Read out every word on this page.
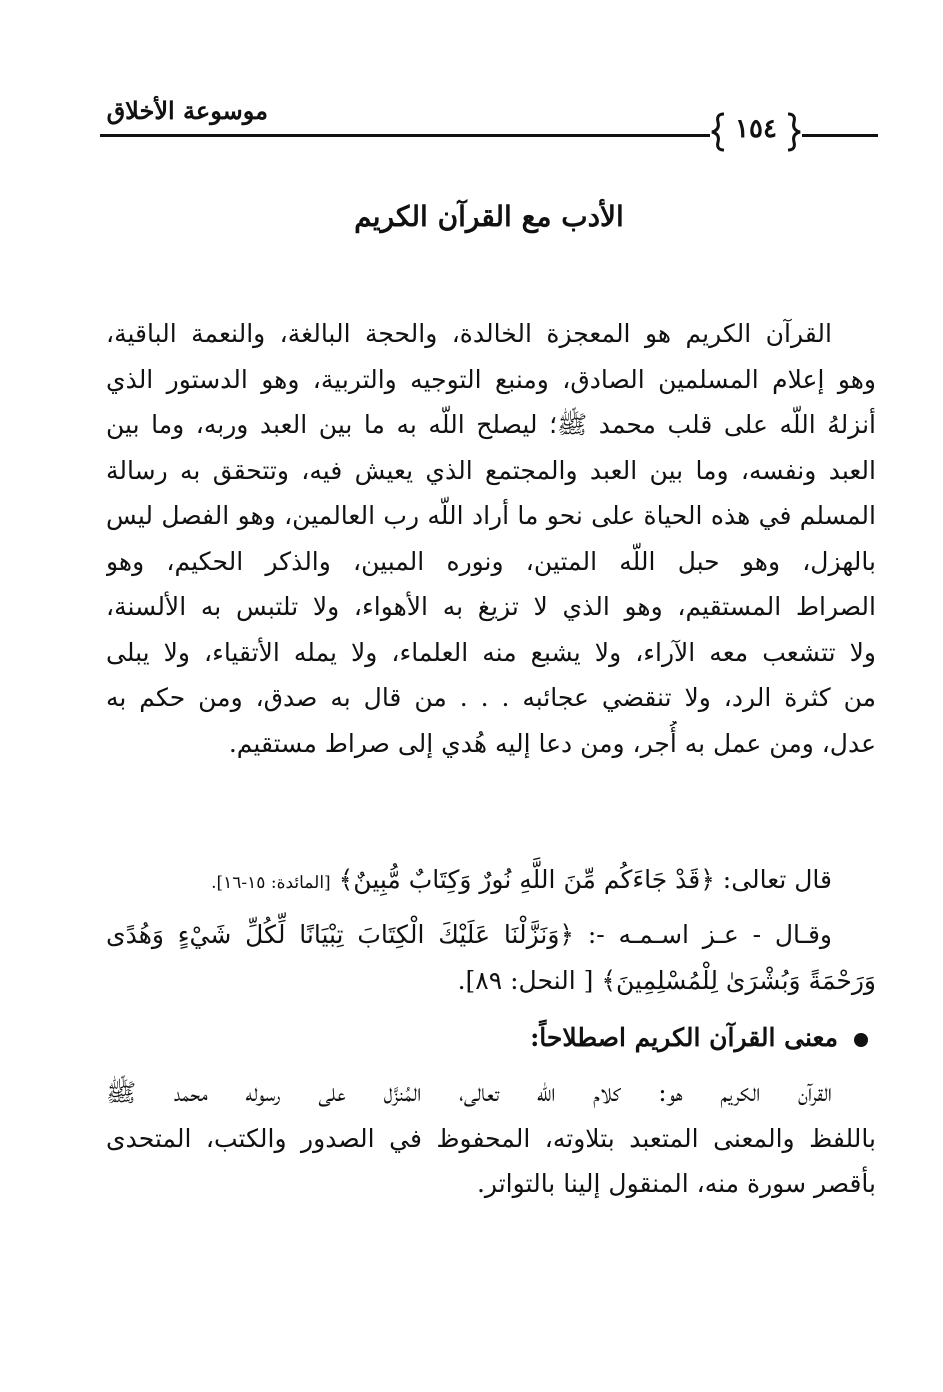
موسوعة الأخلاق
١٥٤
الأدب مع القرآن الكريم
القرآن الكريم هو المعجزة الخالدة، والحجة البالغة، والنعمة الباقية،
وهو إعلام المسلمين الصادق، ومنبع التوجيه والتربية، وهو الدستور الذي
أنزلهُ اللّه على قلب محمد ﷺ؛ ليصلح اللّه به ما بين العبد وربه، وما بين
العبد ونفسه، وما بين العبد والمجتمع الذي يعيش فيه، وتتحقق به رسالة
المسلم في هذه الحياة على نحو ما أراد اللّه رب العالمين، وهو الفصل ليس
بالهزل، وهو حبل اللّه المتين، ونوره المبين، والذكر الحكيم، وهو
الصراط المستقيم، وهو الذي لا تزيغ به الأهواء، ولا تلتبس به الألسنة،
ولا تتشعب معه الآراء، ولا يشبع منه العلماء، ولا يمله الأتقياء، ولا يبلى
من كثرة الرد، ولا تنقضي عجائبه . . . من قال به صدق، ومن حكم به
عدل، ومن عمل به أُجر، ومن دعا إليه هُدي إلى صراط مستقيم.
قال تعالى: ﴿قَدْ جَاءَكُم مِّنَ اللَّهِ نُورٌ وَكِتَابٌ مُّبِينٌ﴾ [المائدة: ١٥-١٦].
وقـال - عـز اسـمـه -: ﴿وَنَزَّلْنَا عَلَيْكَ الْكِتَابَ تِبْيَانًا لِّكُلِّ شَيْءٍ وَهُدًى
وَرَحْمَةً وَبُشْرَىٰ لِلْمُسْلِمِينَ﴾ [ النحل: ٨٩].
معنى القرآن الكريم اصطلاحاً:
القرآن الكريم هو: كلام اللّه تعالى، المُنزَّل على رسوله محمد ﷺ
باللفظ والمعنى المتعبد بتلاوته، المحفوظ في الصدور والكتب، المتحدى
بأقصر سورة منه، المنقول إلينا بالتواتر.
